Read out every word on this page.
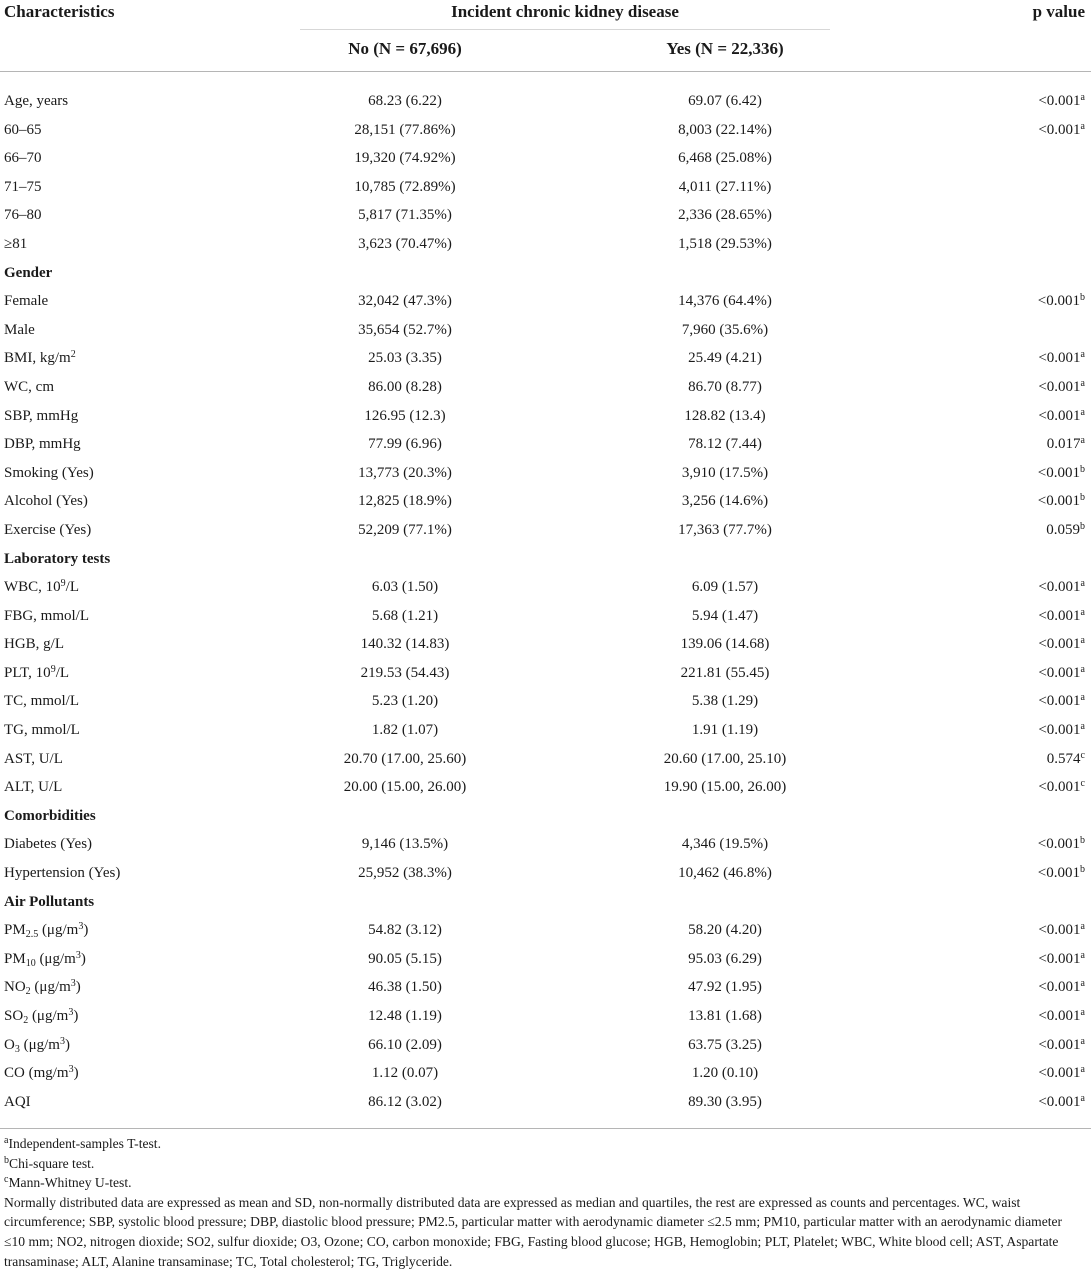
Characteristics	Incident chronic kidney disease
No (N = 67,696)	Yes (N = 22,336)
p value
Age, years	68.23 (6.22)	69.07 (6.42)	<0.001$^a$
60–65	28,151 (77.86%)	8,003 (22.14%)	<0.001$^a$
66–70	19,320 (74.92%)	6,468 (25.08%)
71–75	10,785 (72.89%)	4,011 (27.11%)
76–80	5,817 (71.35%)	2,336 (28.65%)
≥81	3,623 (70.47%)	1,518 (29.53%)
Gender
Female	32,042 (47.3%)	14,376 (64.4%)	<0.001$^b$
Male	35,654 (52.7%)	7,960 (35.6%)
BMI, $kg/m^2$	25.03 (3.35)	25.49 (4.21)	<0.001$^a$
WC, cm	86.00 (8.28)	86.70 (8.77)	<0.001$^a$
SBP, mmHg	126.95 (12.3)	128.82 (13.4)	<0.001$^a$
DBP, mmHg	77.99 (6.96)	78.12 (7.44)	0.017$^a$
Smoking (Yes)	13,773 (20.3%)	3,910 (17.5%)	<0.001$^b$
Alcohol (Yes)	12,825 (18.9%)	3,256 (14.6%)	<0.001$^b$
Exercise (Yes)	52,209 (77.1%)	17,363 (77.7%)	0.059$^b$
Laboratory tests
WBC, $10^9/L$	6.03 (1.50)	6.09 (1.57)	<0.001$^a$
FBG, mmol/L	5.68 (1.21)	5.94 (1.47)	<0.001$^a$
HGB, g/L	140.32 (14.83)	139.06 (14.68)	<0.001$^a$
PLT, $10^9/L$	219.53 (54.43)	221.81 (55.45)	<0.001$^a$
TC, mmol/L	5.23 (1.20)	5.38 (1.29)	<0.001$^a$
TG, mmol/L	1.82 (1.07)	1.91 (1.19)	<0.001$^a$
AST, U/L	20.70 (17.00, 25.60)	20.60 (17.00, 25.10)	0.574$^c$
ALT, U/L	20.00 (15.00, 26.00)	19.90 (15.00, 26.00)	<0.001$^c$
Comorbidities
Diabetes (Yes)	9,146 (13.5%)	4,346 (19.5%)	<0.001$^b$
Hypertension (Yes)	25,952 (38.3%)	10,462 (46.8%)	<0.001$^b$
Air Pollutants
$PM_{2.5}$ $(\mu g/m^3)$	54.82 (3.12)	58.20 (4.20)	<0.001$^a$
$PM_{10}$ $(\mu g/m^3)$	90.05 (5.15)	95.03 (6.29)	<0.001$^a$
$NO_2$ $(\mu g/m^3)$	46.38 (1.50)	47.92 (1.95)	<0.001$^a$
$SO_2$ $(\mu g/m^3)$	12.48 (1.19)	13.81 (1.68)	<0.001$^a$
$O_3$ $(\mu g/m^3)$	66.10 (2.09)	63.75 (3.25)	<0.001$^a$
CO $(mg/m^3)$	1.12 (0.07)	1.20 (0.10)	<0.001$^a$
AQI	86.12 (3.02)	89.30 (3.95)	<0.001$^a$

$^a$Independent-samples T-test.

$^b$Chi-square test.

$^c$Mann-Whitney U-test.

Normally distributed data are expressed as mean and SD, non-normally distributed data are expressed as median and quartiles, the rest are expressed as counts and percentages. WC, waist circumference; SBP, systolic blood pressure; DBP, diastolic blood pressure; PM2.5, particular matter with aerodynamic diameter ≤2.5 mm; PM10, particular matter with an aerodynamic diameter ≤10 mm; NO2, nitrogen dioxide; SO2, sulfur dioxide; O3, Ozone; CO, carbon monoxide; FBG, Fasting blood glucose; HGB, Hemoglobin; PLT, Platelet; WBC, White blood cell; AST, Aspartate transaminase; ALT, Alanine transaminase; TC, Total cholesterol; TG, Triglyceride.
